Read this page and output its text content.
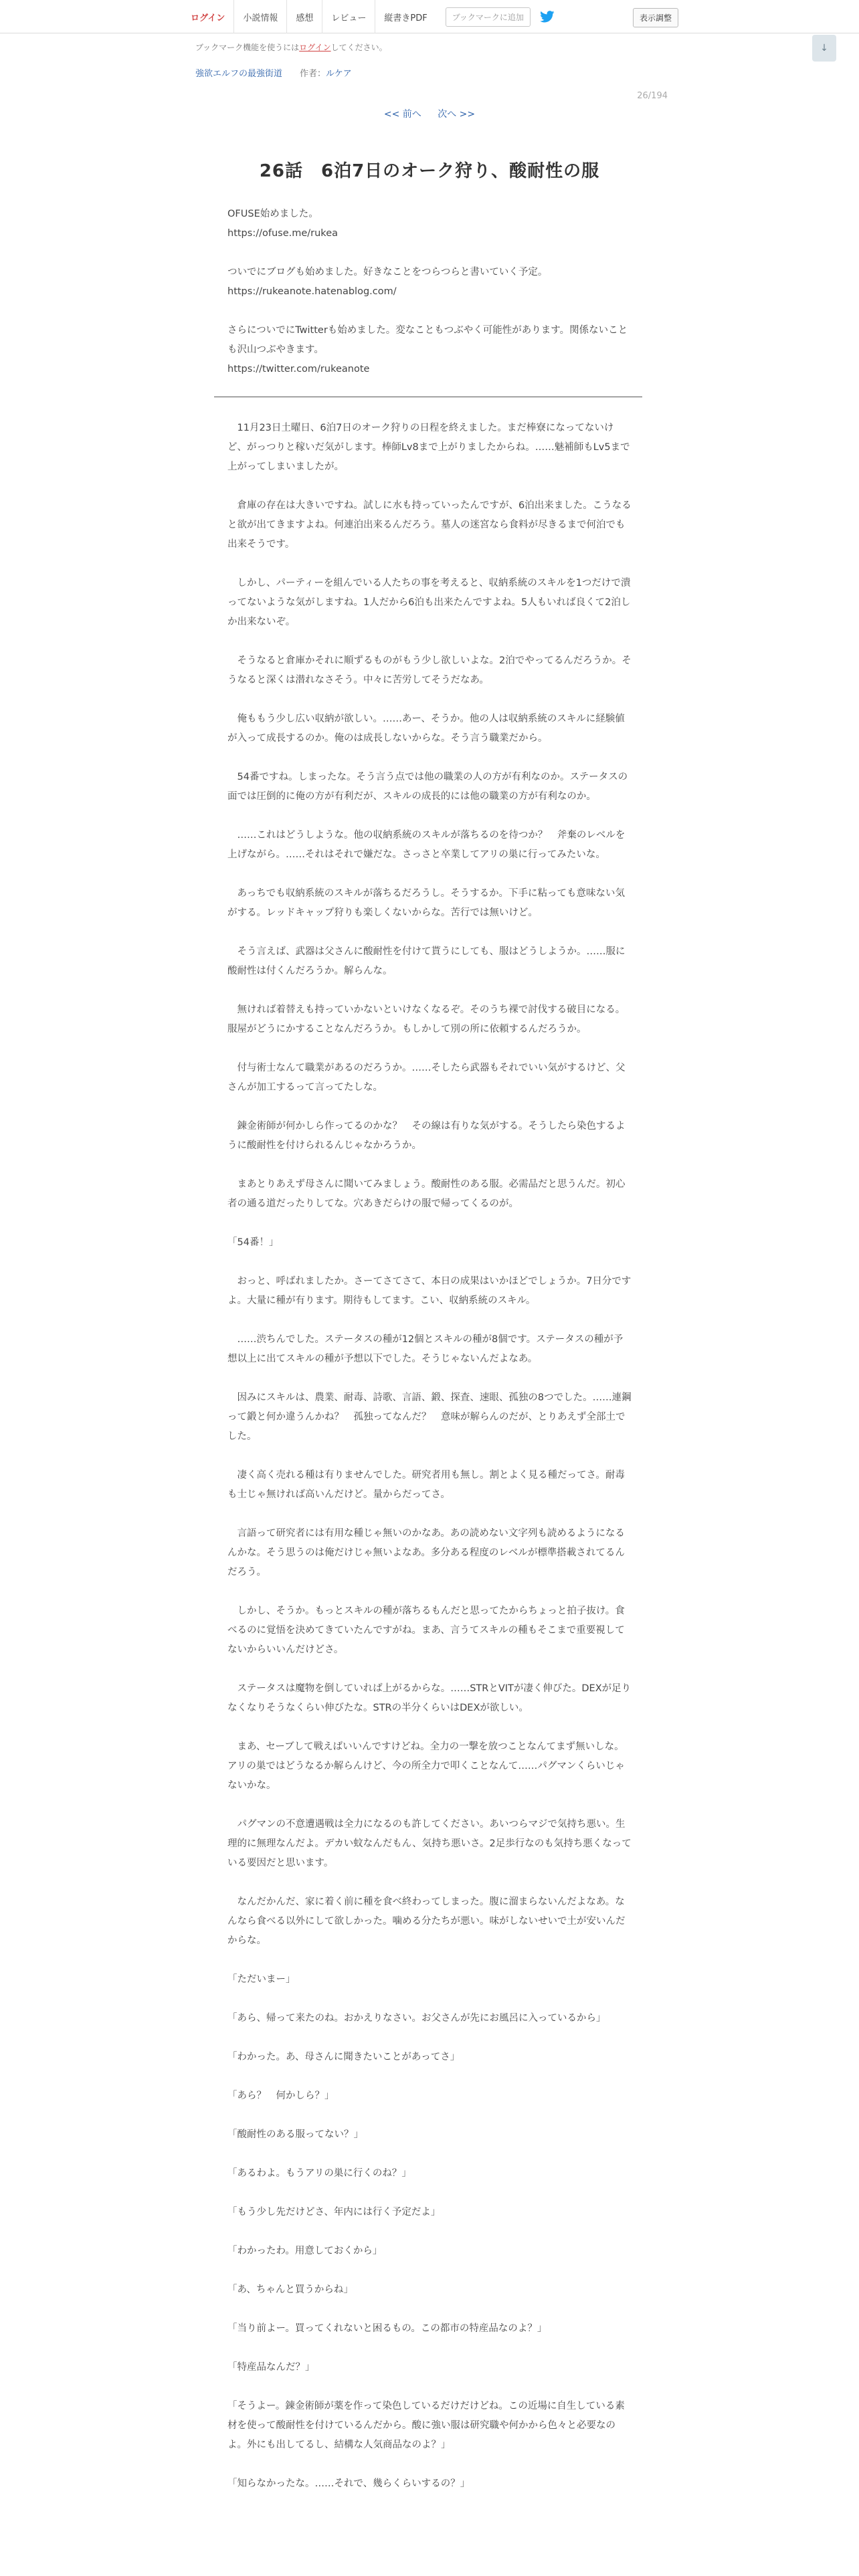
ログイン	小説情報	感想	レビュー	縦書きPDF	ブックマークに追加	表示調整
ブックマーク機能を使うにはログインしてください。	↓
強欲エルフの最強街道 作者：ルケア
26/194
<< 前へ 次へ >>
26話　6泊7日のオーク狩り、酸耐性の服

OFUSE始めました。
https://ofuse.me/rukea

ついでにブログも始めました。好きなことをつらつらと書いていく予定。
https://rukeanote.hatenablog.com/

さらについでにTwitterも始めました。変なこともつぶやく可能性があります。関係ないことも沢山つぶやきます。
https://twitter.com/rukeanote

　11月23日土曜日、6泊7日のオーク狩りの日程を終えました。まだ棒寮になってないけど、がっつりと稼いだ気がします。棒師Lv8まで上がりましたからね。……魅補師もLv5まで上がってしまいましたが。

　倉庫の存在は大きいですね。試しに水も持っていったんですが、6泊出来ました。こうなると欲が出てきますよね。何連泊出来るんだろう。墓人の迷宮なら食料が尽きるまで何泊でも出来そうです。

　しかし、パーティーを組んでいる人たちの事を考えると、収納系統のスキルを1つだけで潰ってないような気がしますね。1人だから6泊も出来たんですよね。5人もいれば良くて2泊しか出来ないぞ。

　そうなると倉庫かそれに順ずるものがもう少し欲しいよな。2泊でやってるんだろうか。そうなると深くは潜れなさそう。中々に苦労してそうだなあ。

　俺ももう少し広い収納が欲しい。……あー、そうか。他の人は収納系統のスキルに経験値が入って成長するのか。俺のは成長しないからな。そう言う職業だから。

　54番ですね。しまったな。そう言う点では他の職業の人の方が有利なのか。ステータスの面では圧倒的に俺の方が有利だが、スキルの成長的には他の職業の方が有利なのか。

　……これはどうしような。他の収納系統のスキルが落ちるのを待つか？　斧棄のレベルを上げながら。……それはそれで嫌だな。さっさと卒業してアリの巣に行ってみたいな。

　あっちでも収納系統のスキルが落ちるだろうし。そうするか。下手に粘っても意味ない気がする。レッドキャップ狩りも楽しくないからな。苦行では無いけど。

　そう言えば、武器は父さんに酸耐性を付けて貰うにしても、服はどうしようか。……服に酸耐性は付くんだろうか。解らんな。

　無ければ着替えも持っていかないといけなくなるぞ。そのうち裸で討伐する破目になる。服屋がどうにかすることなんだろうか。もしかして別の所に依頼するんだろうか。

　付与術士なんて職業があるのだろうか。……そしたら武器もそれでいい気がするけど、父さんが加工するって言ってたしな。

　錬金術師が何かしら作ってるのかな？　その線は有りな気がする。そうしたら染色するように酸耐性を付けられるんじゃなかろうか。

　まあとりあえず母さんに聞いてみましょう。酸耐性のある服。必需品だと思うんだ。初心者の通る道だったりしてな。穴あきだらけの服で帰ってくるのが。

「54番！」

　おっと、呼ばれましたか。さーてさてさて、本日の成果はいかほどでしょうか。7日分ですよ。大量に種が有ります。期待もしてます。こい、収納系統のスキル。

　……渋ちんでした。ステータスの種が12個とスキルの種が8個です。ステータスの種が予想以上に出てスキルの種が予想以下でした。そうじゃないんだよなあ。

　因みにスキルは、農業、耐毒、詩歌、言語、鍛、探査、速眼、孤独の8つでした。……連鋼って鍛と何か違うんかね？　孤独ってなんだ？　意味が解らんのだが、とりあえず全部土でした。

　凄く高く売れる種は有りませんでした。研究者用も無し。割とよく見る種だってさ。耐毒も士じゃ無ければ高いんだけど。量からだってさ。

　言語って研究者には有用な種じゃ無いのかなあ。あの読めない文字列も読めるようになるんかな。そう思うのは俺だけじゃ無いよなあ。多分ある程度のレベルが標準搭載されてるんだろう。

　しかし、そうか。もっとスキルの種が落ちるもんだと思ってたからちょっと拍子抜け。食べるのに覚悟を決めてきていたんですがね。まあ、言うてスキルの種もそこまで重要視してないからいいんだけどさ。

　ステータスは魔物を倒していれば上がるからな。……STRとVITが凄く伸びた。DEXが足りなくなりそうなくらい伸びたな。STRの半分くらいはDEXが欲しい。

　まあ、セーブして戦えばいいんですけどね。全力の一撃を放つことなんてまず無いしな。アリの巣ではどうなるか解らんけど、今の所全力で叩くことなんて……パグマンくらいじゃないかな。

　パグマンの不意遭遇戦は全力になるのも許してください。あいつらマジで気持ち悪い。生理的に無理なんだよ。デカい蚊なんだもん、気持ち悪いさ。2足歩行なのも気持ち悪くなっている要因だと思います。

　なんだかんだ、家に着く前に種を食べ終わってしまった。腹に溜まらないんだよなあ。なんなら食べる以外にして欲しかった。噛める分たちが悪い。味がしないせいで土が安いんだからな。

「ただいまー」

「あら、帰って来たのね。おかえりなさい。お父さんが先にお風呂に入っているから」

「わかった。あ、母さんに聞きたいことがあってさ」

「あら？　何かしら？」

「酸耐性のある服ってない？」

「あるわよ。もうアリの巣に行くのね？」

「もう少し先だけどさ、年内には行く予定だよ」

「わかったわ。用意しておくから」

「あ、ちゃんと買うからね」

「当り前よー。買ってくれないと困るもの。この都市の特産品なのよ？」

「特産品なんだ？」

「そうよー。錬金術師が薬を作って染色しているだけだけどね。この近場に自生している素材を使って酸耐性を付けているんだから。酸に強い服は研究職や何かから色々と必要なのよ。外にも出してるし、結構な人気商品なのよ？」

「知らなかったな。……それで、幾らくらいするの？」
